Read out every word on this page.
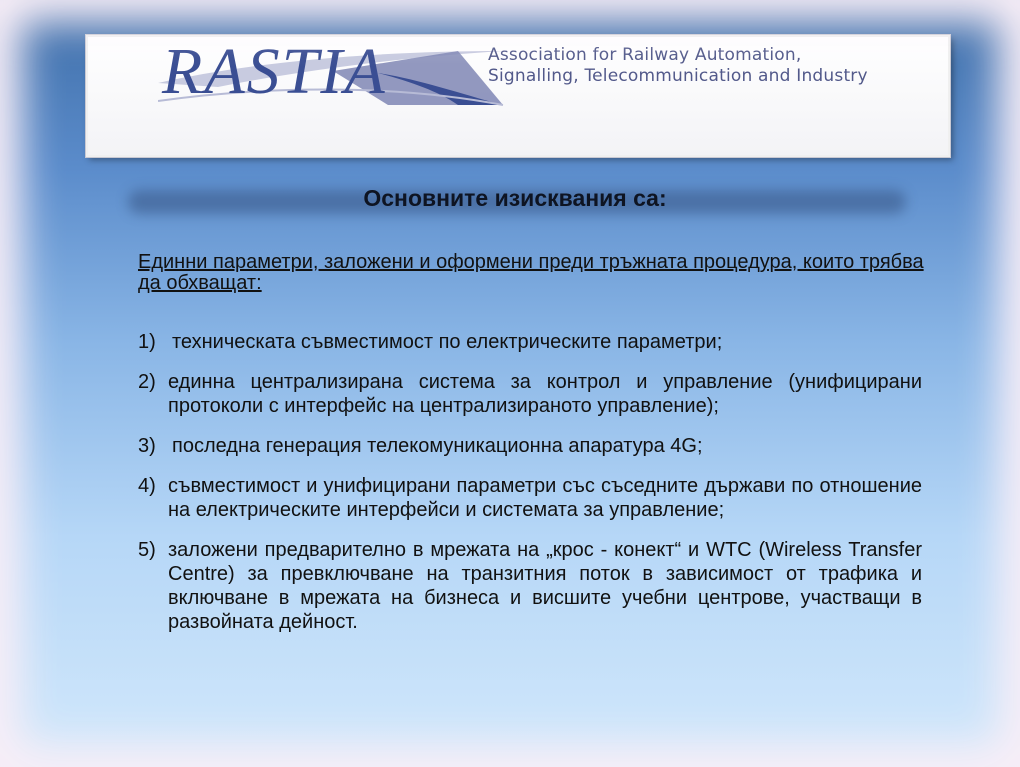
RASTIA	Association for Railway Automation,
Signalling, Telecommunication and Industry
Основните изисквания са:
Единни параметри, заложени и оформени преди тръжната процедура, които трябва да обхващат:
1) техническата съвместимост по електрическите параметри;
2) единна централизирана система за контрол и управление (унифицирани протоколи с интерфейс на централизираното управление);
3) последна генерация телекомуникационна апаратура 4G;
4) съвместимост и унифицирани параметри със съседните държави по отношение на електрическите интерфейси и системата за управление;
5) заложени предварително в мрежата на „крос - конект“ и WTC (Wireless Transfer Centre) за превключване на транзитния поток в зависимост от трафика и включване в мрежата на бизнеса и висшите учебни центрове, участващи в развойната дейност.
